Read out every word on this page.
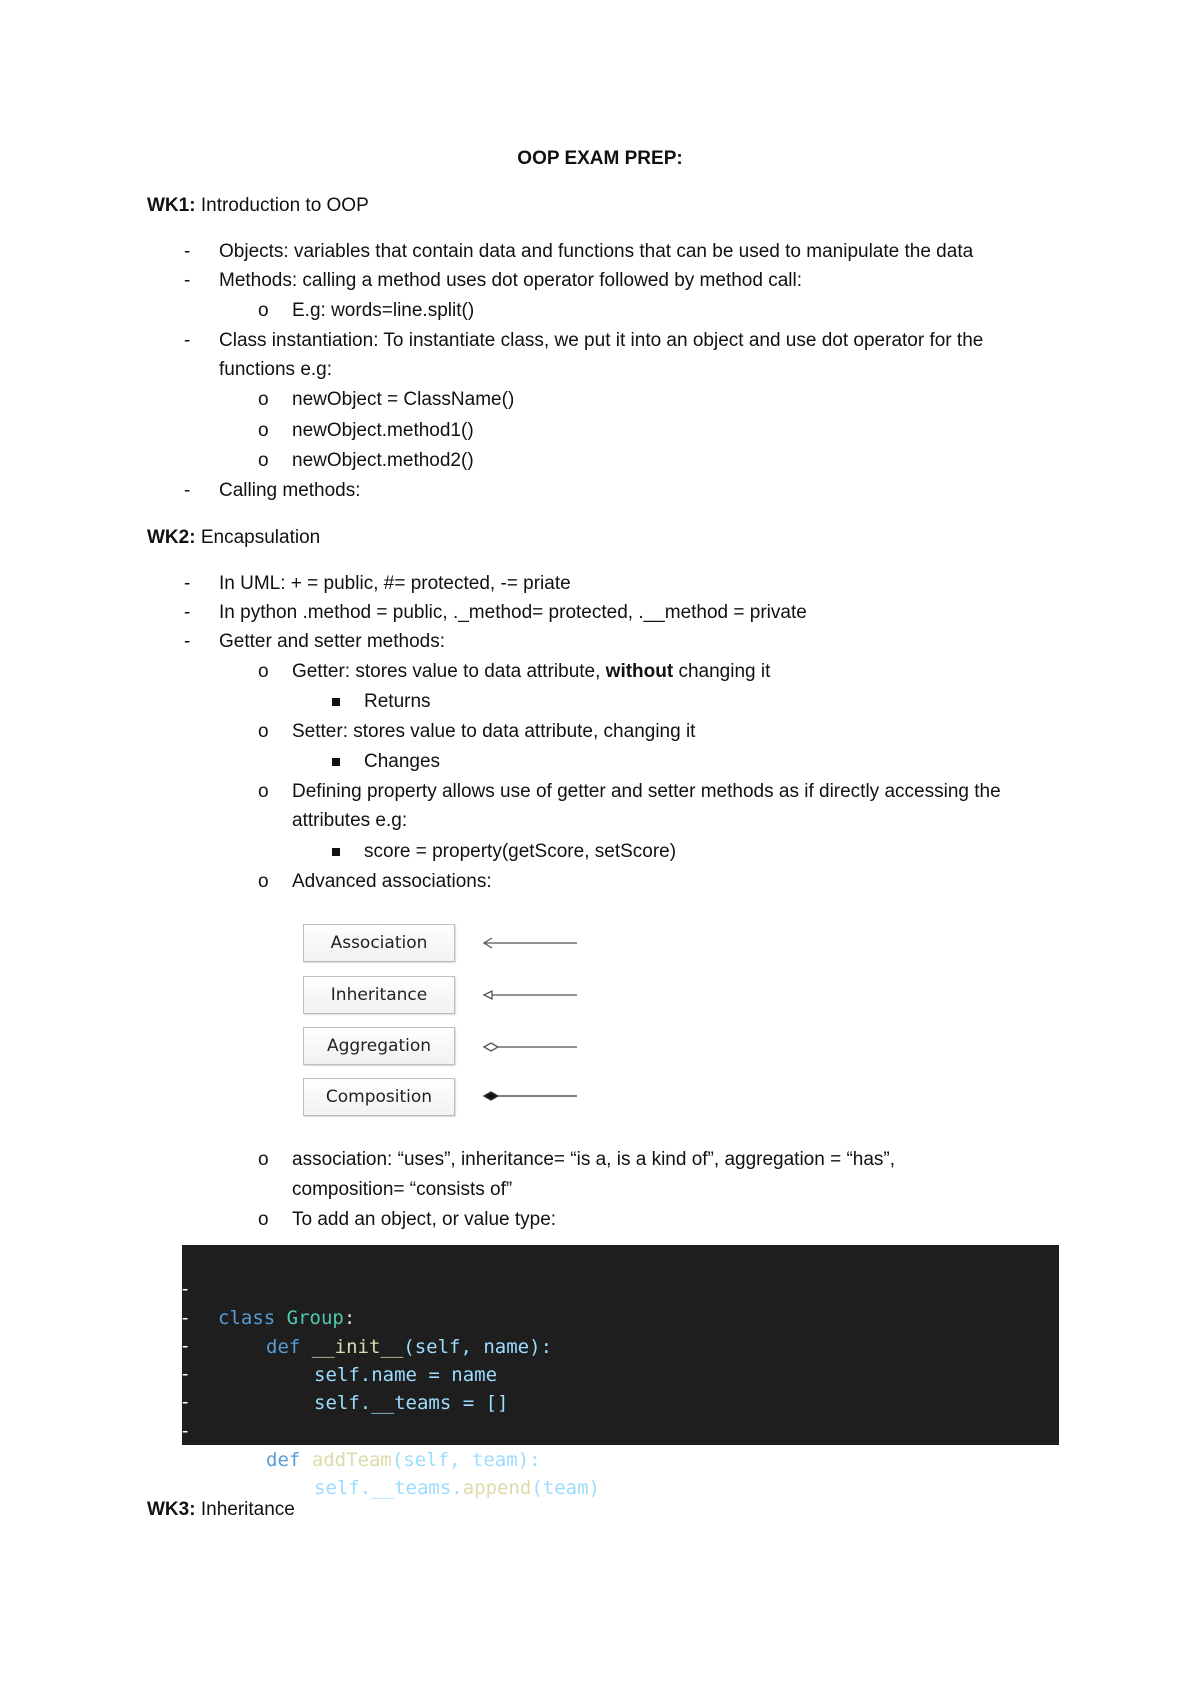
OOP EXAM PREP:
WK1: Introduction to OOP
-	Objects: variables that contain data and functions that can be used to manipulate the data
-	Methods: calling a method uses dot operator followed by method call:
o	E.g: words=line.split()
-	Class instantiation: To instantiate class, we put it into an object and use dot operator for the
functions e.g:
o	newObject = ClassName()
o	newObject.method1()
o	newObject.method2()
-	Calling methods:
WK2: Encapsulation
-	In UML: + = public, #= protected, -= priate
-	In python .method = public, ._method= protected, .__method = private
-	Getter and setter methods:
o	Getter: stores value to data attribute, without changing it
Returns
o	Setter: stores value to data attribute, changing it
Changes
o	Defining property allows use of getter and setter methods as if directly accessing the
attributes e.g:
score = property(getScore, setScore)
o	Advanced associations:
Association
Inheritance
Aggregation
Composition
o	association: “uses”, inheritance= “is a, is a kind of”, aggregation = “has”,
composition= “consists of”
o	To add an object, or value type:

-

class Group:

-

def __init__(self, name):

-

self.name = name

-

self.__teams = []

-

-

def addTeam(self, team):

-

self.__teams.append(team)

WK3: Inheritance
